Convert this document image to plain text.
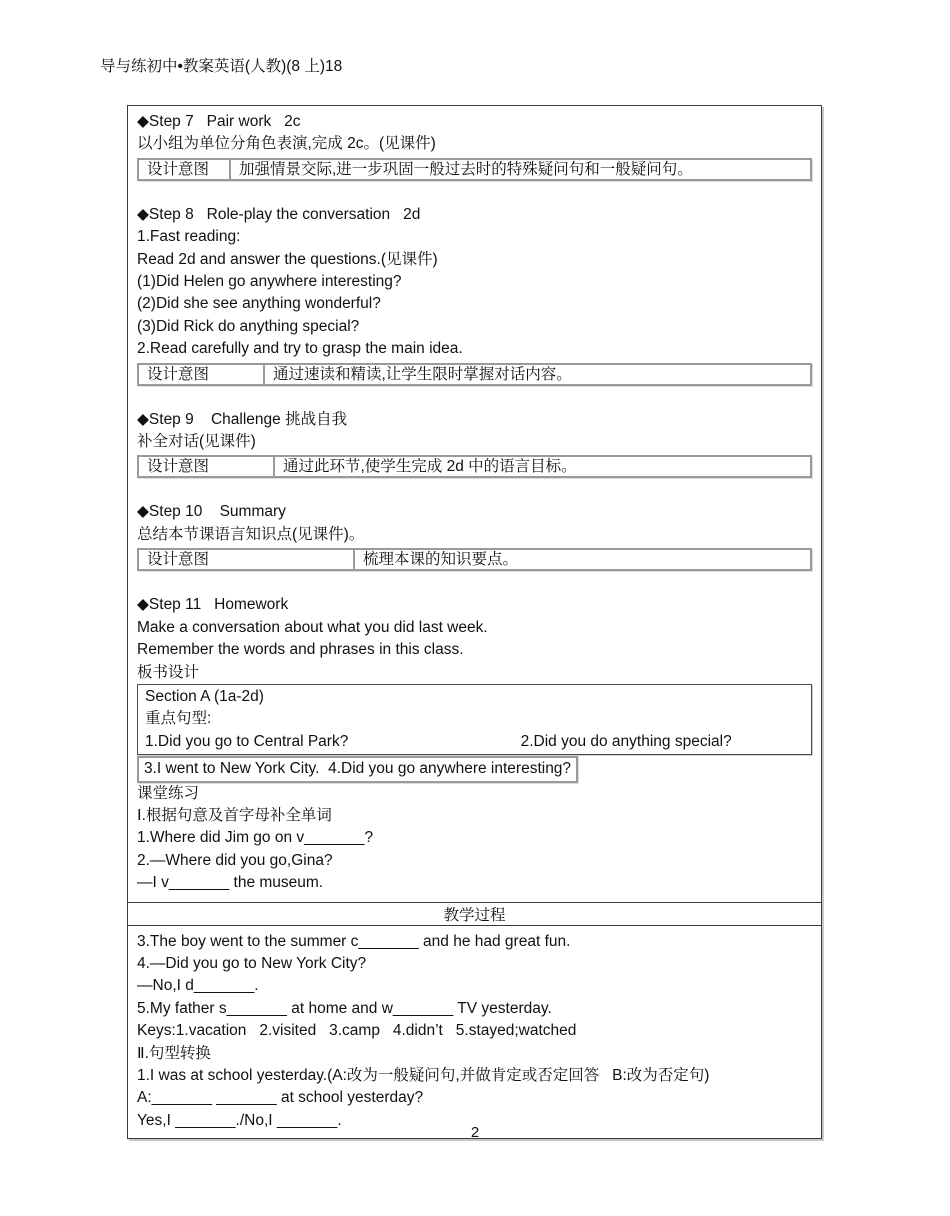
导与练初中•教案英语(人教)(8 上)18
◆Step 7   Pair work   2c
以小组为单位分角色表演,完成 2c。(见课件)
设计意图	加强情景交际,进一步巩固一般过去时的特殊疑问句和一般疑问句。
◆Step 8   Role-play the conversation   2d
1.Fast reading:
Read 2d and answer the questions.(见课件)
(1)Did Helen go anywhere interesting?
(2)Did she see anything wonderful?
(3)Did Rick do anything special?
2.Read carefully and try to grasp the main idea.
设计意图	通过速读和精读,让学生限时掌握对话内容。
◆Step 9    Challenge 挑战自我
补全对话(见课件)
设计意图	通过此环节,使学生完成 2d 中的语言目标。
◆Step 10    Summary
总结本节课语言知识点(见课件)。
设计意图	梳理本课的知识要点。
◆Step 11   Homework
Make a conversation about what you did last week.
Remember the words and phrases in this class.
板书设计
Section A (1a-2d)
重点句型:
1.Did you go to Central Park?                                        2.Did you do anything special?
3.I went to New York City.  4.Did you go anywhere interesting?
课堂练习
Ⅰ.根据句意及首字母补全单词
1.Where did Jim go on v_______?
2.—Where did you go,Gina?
—I v_______ the museum.
教学过程
3.The boy went to the summer c_______ and he had great fun.
4.—Did you go to New York City?
—No,I d_______.
5.My father s_______ at home and w_______ TV yesterday.
Keys:1.vacation   2.visited   3.camp   4.didn’t   5.stayed;watched
Ⅱ.句型转换
1.I was at school yesterday.(A:改为一般疑问句,并做肯定或否定回答   B:改为否定句)
A:_______ _______ at school yesterday?
Yes,I _______./No,I _______.
2
